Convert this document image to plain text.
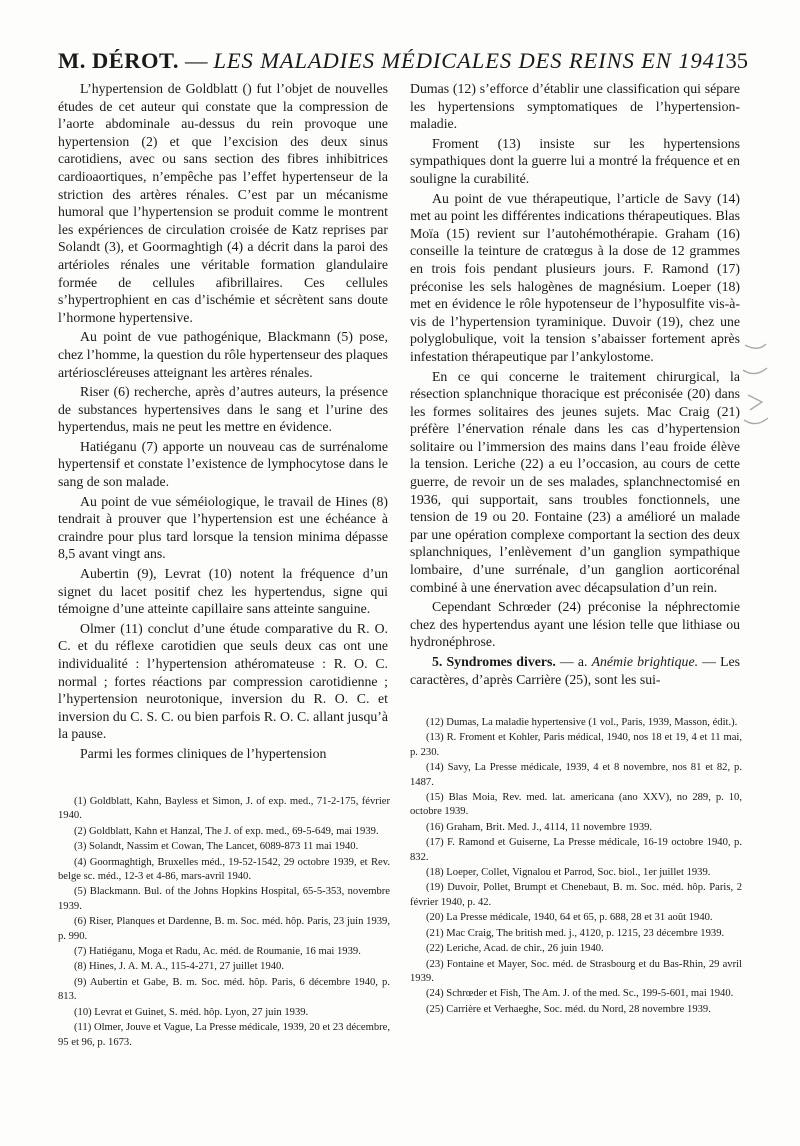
M. DÉROT. — LES MALADIES MÉDICALES DES REINS EN 1941
35

L’hypertension de Goldblatt () fut l’objet de nouvelles études de cet auteur qui constate que la compression de l’aorte abdominale au-dessus du rein provoque une hypertension (2) et que l’excision des deux sinus carotidiens, avec ou sans section des fibres inhibitrices cardioaortiques, n’empêche pas l’effet hypertenseur de la striction des artères rénales. C’est par un mécanisme humoral que l’hypertension se produit comme le montrent les expériences de circulation croisée de Katz reprises par Solandt (3), et Goormaghtigh (4) a décrit dans la paroi des artérioles rénales une véritable formation glandulaire formée de cellules afibrillaires. Ces cellules s’hypertrophient en cas d’ischémie et sécrètent sans doute l’hormone hypertensive.

Au point de vue pathogénique, Blackmann (5) pose, chez l’homme, la question du rôle hypertenseur des plaques artérioscléreuses atteignant les artères rénales.

Riser (6) recherche, après d’autres auteurs, la présence de substances hypertensives dans le sang et l’urine des hypertendus, mais ne peut les mettre en évidence.

Hatiéganu (7) apporte un nouveau cas de surrénalome hypertensif et constate l’existence de lymphocytose dans le sang de son malade.

Au point de vue séméiologique, le travail de Hines (8) tendrait à prouver que l’hypertension est une échéance à craindre pour plus tard lorsque la tension minima dépasse 8,5 avant vingt ans.

Aubertin (9), Levrat (10) notent la fréquence d’un signet du lacet positif chez les hypertendus, signe qui témoigne d’une atteinte capillaire sans atteinte sanguine.

Olmer (11) conclut d’une étude comparative du R. O. C. et du réflexe carotidien que seuls deux cas ont une individualité : l’hypertension athéromateuse : R. O. C. normal ; fortes réactions par compression carotidienne ; l’hypertension neurotonique, inversion du R. O. C. et inversion du C. S. C. ou bien parfois R. O. C. allant jusqu’à la pause.

Parmi les formes cliniques de l’hypertension

Dumas (12) s’efforce d’établir une classification qui sépare les hypertensions symptomatiques de l’hypertension-maladie.

Froment (13) insiste sur les hypertensions sympathiques dont la guerre lui a montré la fréquence et en souligne la curabilité.

Au point de vue thérapeutique, l’article de Savy (14) met au point les différentes indications thérapeutiques. Blas Moïa (15) revient sur l’autohémothérapie. Graham (16) conseille la teinture de cratœgus à la dose de 12 grammes en trois fois pendant plusieurs jours. F. Ramond (17) préconise les sels halogènes de magnésium. Loeper (18) met en évidence le rôle hypotenseur de l’hyposulfite vis-à-vis de l’hypertension tyraminique. Duvoir (19), chez une polyglobulique, voit la tension s’abaisser fortement après infestation thérapeutique par l’ankylostome.

En ce qui concerne le traitement chirurgical, la résection splanchnique thoracique est préconisée (20) dans les formes solitaires des jeunes sujets. Mac Craig (21) préfère l’énervation rénale dans les cas d’hypertension solitaire ou l’immersion des mains dans l’eau froide élève la tension. Leriche (22) a eu l’occasion, au cours de cette guerre, de revoir un de ses malades, splanchnectomisé en 1936, qui supportait, sans troubles fonctionnels, une tension de 19 ou 20. Fontaine (23) a amélioré un malade par une opération complexe comportant la section des deux splanchniques, l’enlèvement d’un ganglion sympathique lombaire, d’une surrénale, d’un ganglion aorticorénal combiné à une énervation avec décapsulation d’un rein.

Cependant Schrœder (24) préconise la néphrectomie chez des hypertendus ayant une lésion telle que lithiase ou hydronéphrose.

5. Syndromes divers. — a. Anémie brightique. — Les caractères, d’après Carrière (25), sont les sui-

(1) Goldblatt, Kahn, Bayless et Simon, J. of exp. med., 71-2-175, février 1940.
(2) Goldblatt, Kahn et Hanzal, The J. of exp. med., 69-5-649, mai 1939.
(3) Solandt, Nassim et Cowan, The Lancet, 6089-873 11 mai 1940.
(4) Goormaghtigh, Bruxelles méd., 19-52-1542, 29 octobre 1939, et Rev. belge sc. méd., 12-3 et 4-86, mars-avril 1940.
(5) Blackmann. Bul. of the Johns Hopkins Hospital, 65-5-353, novembre 1939.
(6) Riser, Planques et Dardenne, B. m. Soc. méd. hôp. Paris, 23 juin 1939, p. 990.
(7) Hatiéganu, Moga et Radu, Ac. méd. de Roumanie, 16 mai 1939.
(8) Hines, J. A. M. A., 115-4-271, 27 juillet 1940.
(9) Aubertin et Gabe, B. m. Soc. méd. hôp. Paris, 6 décembre 1940, p. 813.
(10) Levrat et Guinet, S. méd. hôp. Lyon, 27 juin 1939.
(11) Olmer, Jouve et Vague, La Presse médicale, 1939, 20 et 23 décembre, 95 et 96, p. 1673.
(12) Dumas, La maladie hypertensive (1 vol., Paris, 1939, Masson, édit.).
(13) R. Froment et Kohler, Paris médical, 1940, nos 18 et 19, 4 et 11 mai, p. 230.
(14) Savy, La Presse médicale, 1939, 4 et 8 novembre, nos 81 et 82, p. 1487.
(15) Blas Moia, Rev. med. lat. americana (ano XXV), no 289, p. 10, octobre 1939.
(16) Graham, Brit. Med. J., 4114, 11 novembre 1939.
(17) F. Ramond et Guiserne, La Presse médicale, 16-19 octobre 1940, p. 832.
(18) Loeper, Collet, Vignalou et Parrod, Soc. biol., 1er juillet 1939.
(19) Duvoir, Pollet, Brumpt et Chenebaut, B. m. Soc. méd. hôp. Paris, 2 février 1940, p. 42.
(20) La Presse médicale, 1940, 64 et 65, p. 688, 28 et 31 août 1940.
(21) Mac Craig, The british med. j., 4120, p. 1215, 23 décembre 1939.
(22) Leriche, Acad. de chir., 26 juin 1940.
(23) Fontaine et Mayer, Soc. méd. de Strasbourg et du Bas-Rhin, 29 avril 1939.
(24) Schrœder et Fish, The Am. J. of the med. Sc., 199-5-601, mai 1940.
(25) Carrière et Verhaeghe, Soc. méd. du Nord, 28 novembre 1939.
